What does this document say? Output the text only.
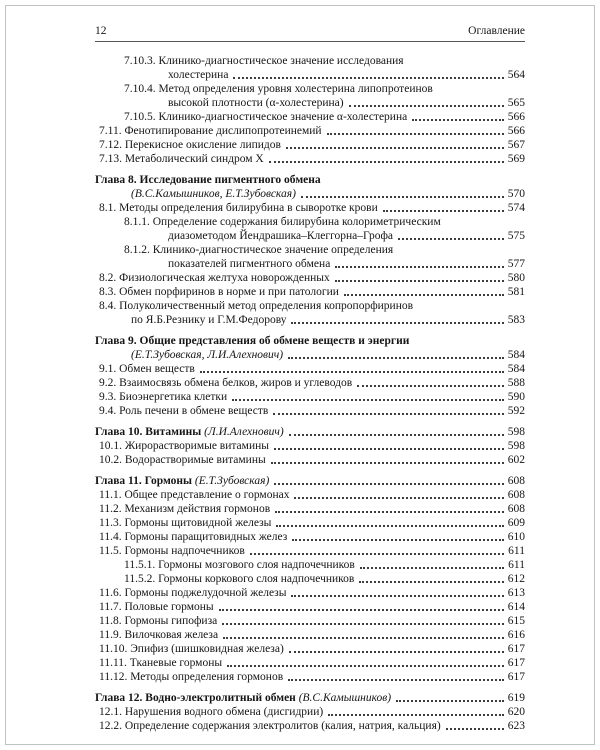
12	Оглавление
7.10.3. Клинико-диагностическое значение исследования
холестерина	564
7.10.4. Метод определения уровня холестерина липопротеинов
высокой плотности (α-холестерина)	565
7.10.5. Клинико-диагностическое значение α-холестерина	566
7.11. Фенотипирование дислипопротеинемий	566
7.12. Перекисное окисление липидов	567
7.13. Метаболический синдром X	569
Глава 8. Исследование пигментного обмена
(В.С.Камышников, Е.Т.Зубовская)	570
8.1. Методы определения билирубина в сыворотке крови	574
8.1.1. Определение содержания билирубина колориметрическим
диазометодом Йендрашика–Клеггорна–Грофа	575
8.1.2. Клинико-диагностическое значение определения
показателей пигментного обмена	577
8.2. Физиологическая желтуха новорожденных	580
8.3. Обмен порфиринов в норме и при патологии	581
8.4. Полуколичественный метод определения копропорфиринов
по Я.Б.Резнику и Г.М.Федорову	583
Глава 9. Общие представления об обмене веществ и энергии
(Е.Т.Зубовская, Л.И.Алехнович)	584
9.1. Обмен веществ	584
9.2. Взаимосвязь обмена белков, жиров и углеводов	588
9.3. Биоэнергетика клетки	590
9.4. Роль печени в обмене веществ	592
Глава 10. Витамины (Л.И.Алехнович)	598
10.1. Жирорастворимые витамины	598
10.2. Водорастворимые витамины	602
Глава 11. Гормоны (Е.Т.Зубовская)	608
11.1. Общее представление о гормонах	608
11.2. Механизм действия гормонов	608
11.3. Гормоны щитовидной железы	609
11.4. Гормоны паращитовидных желез	610
11.5. Гормоны надпочечников	611
11.5.1. Гормоны мозгового слоя надпочечников	611
11.5.2. Гормоны коркового слоя надпочечников	612
11.6. Гормоны поджелудочной железы	613
11.7. Половые гормоны	614
11.8. Гормоны гипофиза	615
11.9. Вилочковая железа	616
11.10. Эпифиз (шишковидная железа)	617
11.11. Тканевые гормоны	617
11.12. Методы определения гормонов	617
Глава 12. Водно-электролитный обмен (В.С.Камышников)	619
12.1. Нарушения водного обмена (дисгидрии)	620
12.2. Определение содержания электролитов (калия, натрия, кальция)	623
